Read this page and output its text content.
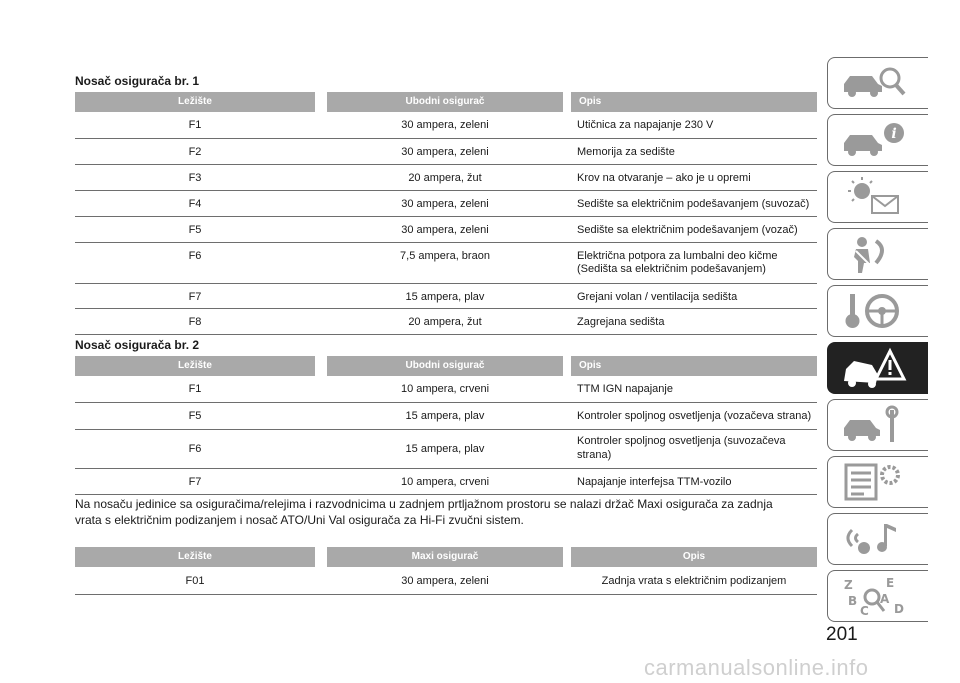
Nosač osigurača br. 1
Ležište	Ubodni osigurač	Opis
F1	30 ampera, zeleni	Utičnica za napajanje 230 V
F2	30 ampera, zeleni	Memorija za sedište
F3	20 ampera, žut	Krov na otvaranje – ako je u opremi
F4	30 ampera, zeleni	Sedište sa električnim podešavanjem (suvozač)
F5	30 ampera, zeleni	Sedište sa električnim podešavanjem (vozač)
F6	7,5 ampera, braon	Električna potpora za lumbalni deo kičme
(Sedišta sa električnim podešavanjem)
F7	15 ampera, plav	Grejani volan / ventilacija sedišta
F8	20 ampera, žut	Zagrejana sedišta
Nosač osigurača br. 2
Ležište	Ubodni osigurač	Opis
F1	10 ampera, crveni	TTM IGN napajanje
F5	15 ampera, plav	Kontroler spoljnog osvetljenja (vozačeva strana)
F6	15 ampera, plav
Kontroler spoljnog osvetljenja (suvozačeva
strana)
F7	10 ampera, crveni	Napajanje interfejsa TTM-vozilo
Na nosaču jedinice sa osiguračima/relejima i razvodnicima u zadnjem prtljažnom prostoru se nalazi držač Maxi osigurača za zadnja
vrata s električnim podizanjem i nosač ATO/Uni Val osigurača za Hi-Fi zvučni sistem.
Ležište	Maxi osigurač	Opis
F01	30 ampera, zeleni	Zadnja vrata s električnim podizanjem
i
Z	E
B A
C D
201
carmanualsonline.info
